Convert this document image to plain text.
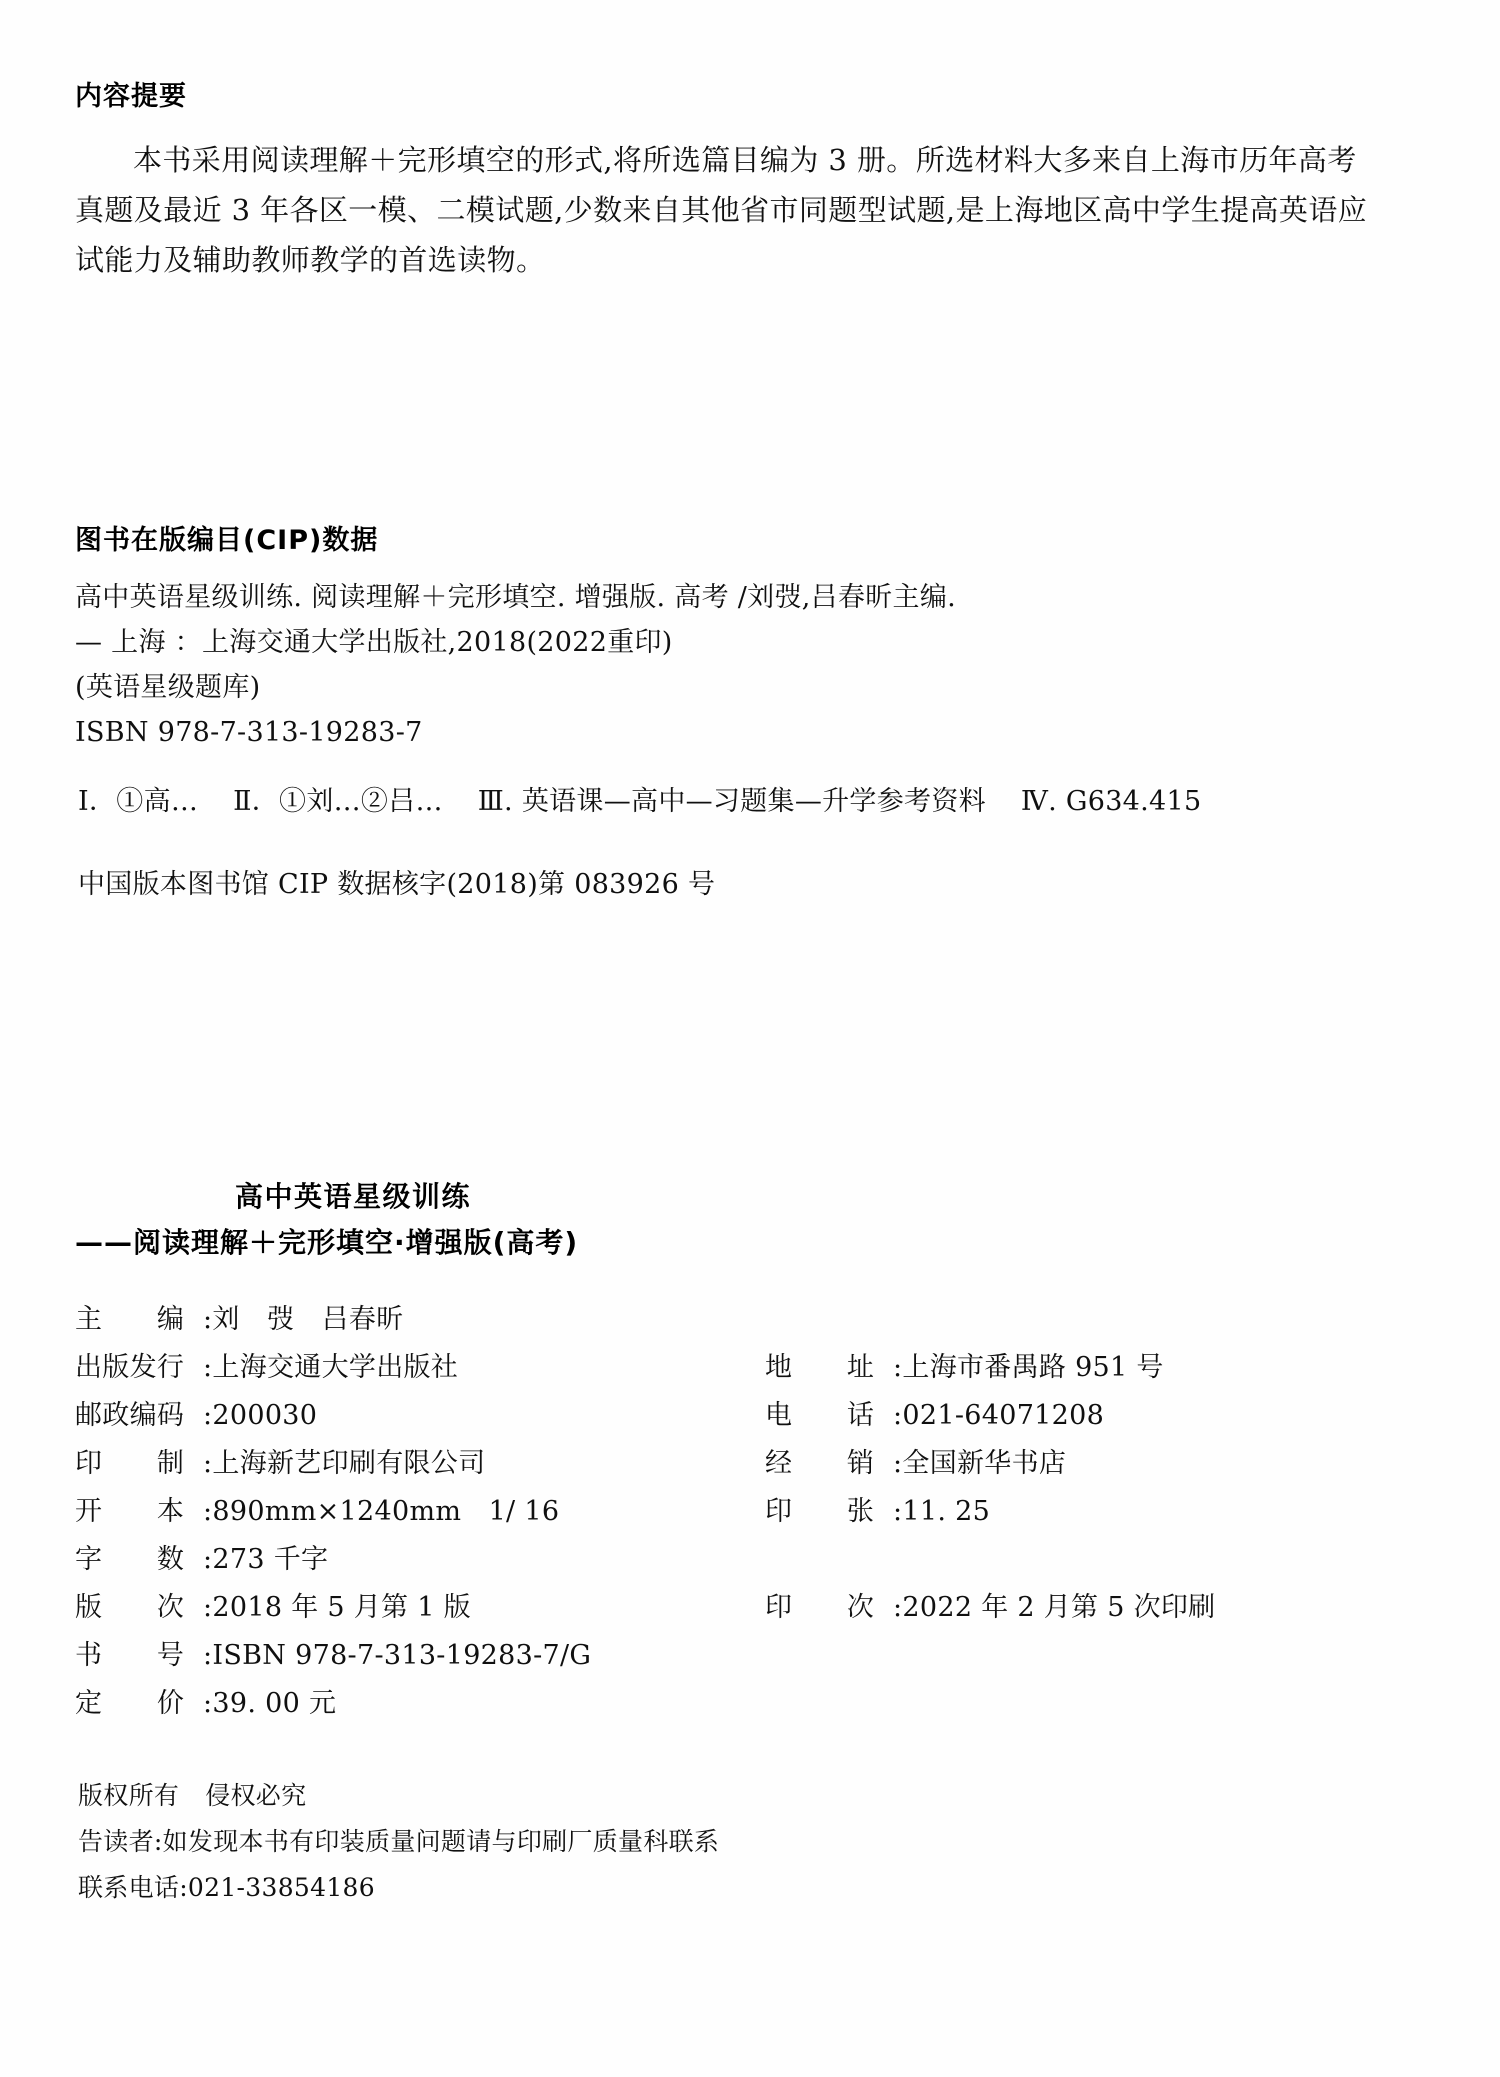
内容提要
本书采用阅读理解＋完形填空的形式,将所选篇目编为 3 册。所选材料大多来自上海市历年高考
真题及最近 3 年各区一模、二模试题,少数来自其他省市同题型试题,是上海地区高中学生提高英语应
试能力及辅助教师教学的首选读物。
图书在版编目(CIP)数据
高中英语星级训练. 阅读理解＋完形填空. 增强版. 高考 /刘弢,吕春昕主编.
— 上海 ：上海交通大学出版社,2018(2022重印)
(英语星级题库)
ISBN 978-7-313-19283-7
Ⅰ．①高… Ⅱ．①刘…②吕… Ⅲ. 英语课—高中—习题集—升学参考资料 Ⅳ. G634.415
中国版本图书馆 CIP 数据核字(2018)第 083926 号
高中英语星级训练
——阅读理解＋完形填空·增强版(高考)
主　　编 :刘　弢　吕春昕
出版发行 :上海交通大学出版社	地　　址 :上海市番禺路 951 号
邮政编码 :200030	电　　话 :021-64071208
印　　制 :上海新艺印刷有限公司	经　　销 :全国新华书店
开　　本 :890mm×1240mm　1/ 16	印　　张 :11. 25
字　　数 :273 千字
版　　次 :2018 年 5 月第 1 版	印　　次 :2022 年 2 月第 5 次印刷
书　　号 :ISBN 978-7-313-19283-7/G
定　　价 :39. 00 元
版权所有 侵权必究
告读者:如发现本书有印装质量问题请与印刷厂质量科联系
联系电话:021-33854186
